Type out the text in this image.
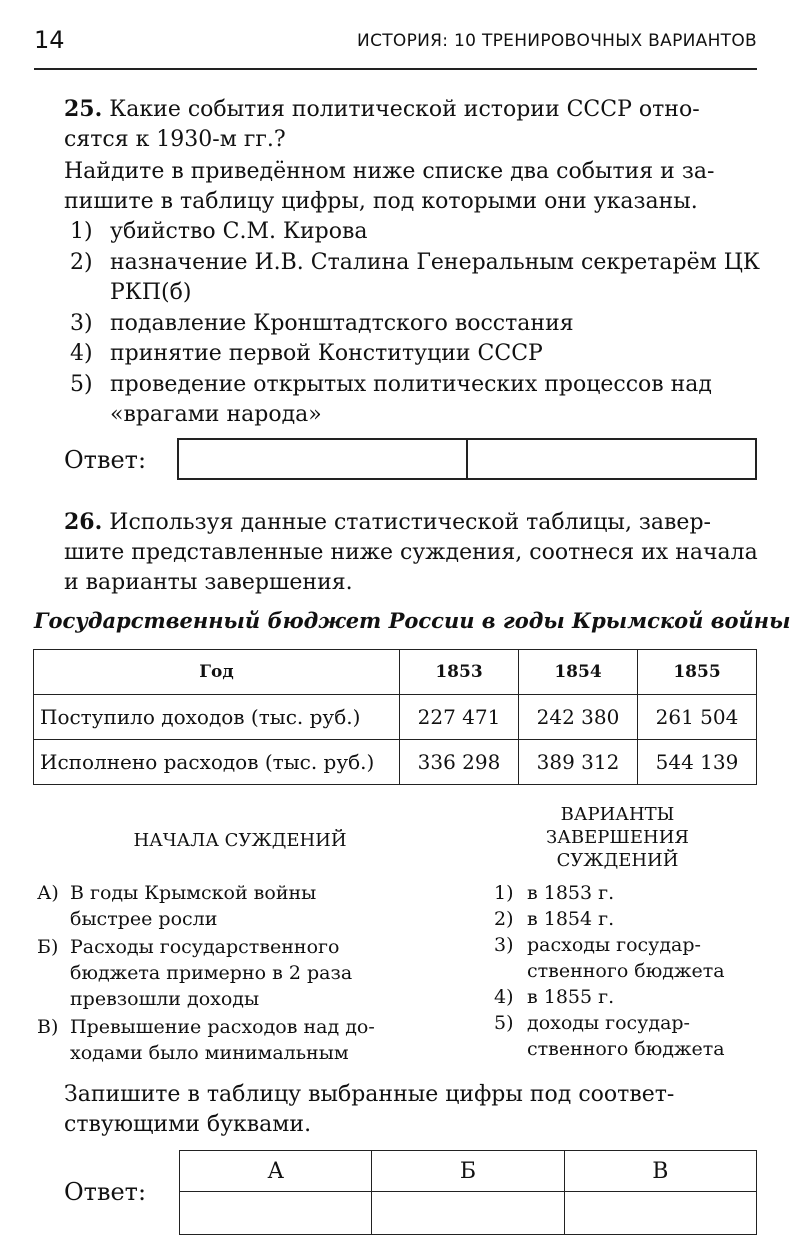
14	ИСТОРИЯ: 10 ТРЕНИРОВОЧНЫХ ВАРИАНТОВ

25. Какие события политической истории СССР отно-
сятся к 1930-м гг.?

Найдите в приведённом ниже списке два события и за-
пишите в таблицу цифры, под которыми они указаны.

1) убийство С.М. Кирова
2) назначение И.В. Сталина Генеральным секретарём ЦК РКП(б)
3) подавление Кронштадтского восстания
4) принятие первой Конституции СССР
5) проведение открытых политических процессов над «врагами народа»
Ответ:

26. Используя данные статистической таблицы, завер-
шите представленные ниже суждения, соотнеся их начала
и варианты завершения.

Государственный бюджет России в годы Крымской войны
Год	1853	1854	1855
Поступило доходов (тыс. руб.)	227 471	242 380	261 504
Исполнено расходов (тыс. руб.)	336 298	389 312	544 139
НАЧАЛА СУЖДЕНИЙ
ВАРИАНТЫ
ЗАВЕРШЕНИЯ
СУЖДЕНИЙ
А) В годы Крымской войны быстрее росли
Б) Расходы государственного бюджета примерно в 2 раза превзошли доходы
В) Превышение расходов над до-ходами было минимальным
1) в 1853 г.
2) в 1854 г.
3) расходы государ-ственного бюджета
4) в 1855 г.
5) доходы государ-ственного бюджета

Запишите в таблицу выбранные цифры под соответ-
ствующими буквами.

Ответ:
А	Б	В
